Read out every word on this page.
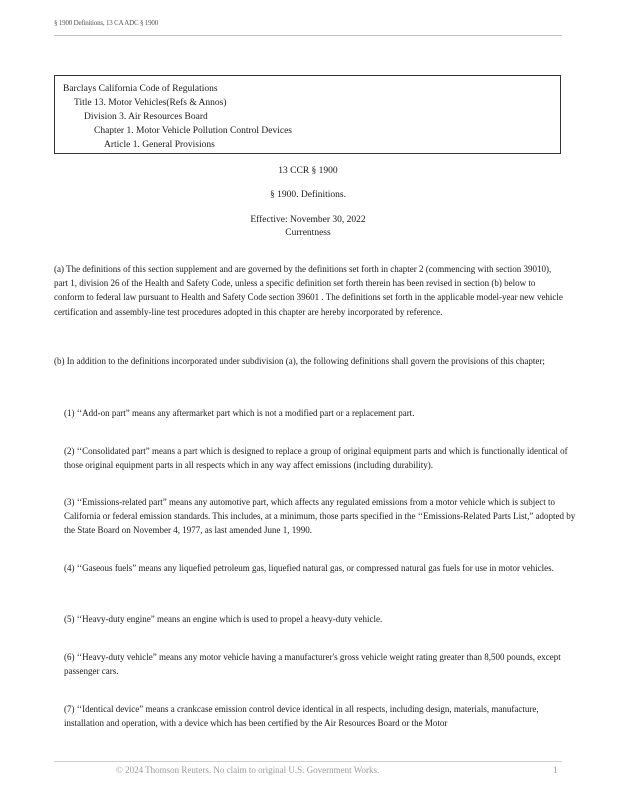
§ 1900 Definitions, 13 CA ADC § 1900
Barclays California Code of Regulations
Title 13. Motor Vehicles(Refs & Annos)
Division 3. Air Resources Board
Chapter 1. Motor Vehicle Pollution Control Devices
Article 1. General Provisions
13 CCR § 1900
§ 1900. Definitions.
Effective: November 30, 2022
Currentness
(a) The definitions of this section supplement and are governed by the definitions set forth in chapter 2 (commencing with section 39010), part 1, division 26 of the Health and Safety Code, unless a specific definition set forth therein has been revised in section (b) below to conform to federal law pursuant to Health and Safety Code section 39601 . The definitions set forth in the applicable model-year new vehicle certification and assembly-line test procedures adopted in this chapter are hereby incorporated by reference.
(b) In addition to the definitions incorporated under subdivision (a), the following definitions shall govern the provisions of this chapter;
(1) ‘‘Add-on part” means any aftermarket part which is not a modified part or a replacement part.
(2) ‘‘Consolidated part” means a part which is designed to replace a group of original equipment parts and which is functionally identical of those original equipment parts in all respects which in any way affect emissions (including durability).
(3) ‘‘Emissions-related part” means any automotive part, which affects any regulated emissions from a motor vehicle which is subject to California or federal emission standards. This includes, at a minimum, those parts specified in the ‘‘Emissions-Related Parts List,” adopted by the State Board on November 4, 1977, as last amended June 1, 1990.
(4) ‘‘Gaseous fuels” means any liquefied petroleum gas, liquefied natural gas, or compressed natural gas fuels for use in motor vehicles.
(5) ‘‘Heavy-duty engine” means an engine which is used to propel a heavy-duty vehicle.
(6) ‘‘Heavy-duty vehicle” means any motor vehicle having a manufacturer's gross vehicle weight rating greater than 8,500 pounds, except passenger cars.
(7) ‘‘Identical device” means a crankcase emission control device identical in all respects, including design, materials, manufacture, installation and operation, with a device which has been certified by the Air Resources Board or the Motor
© 2024 Thomson Reuters. No claim to original U.S. Government Works.	1
